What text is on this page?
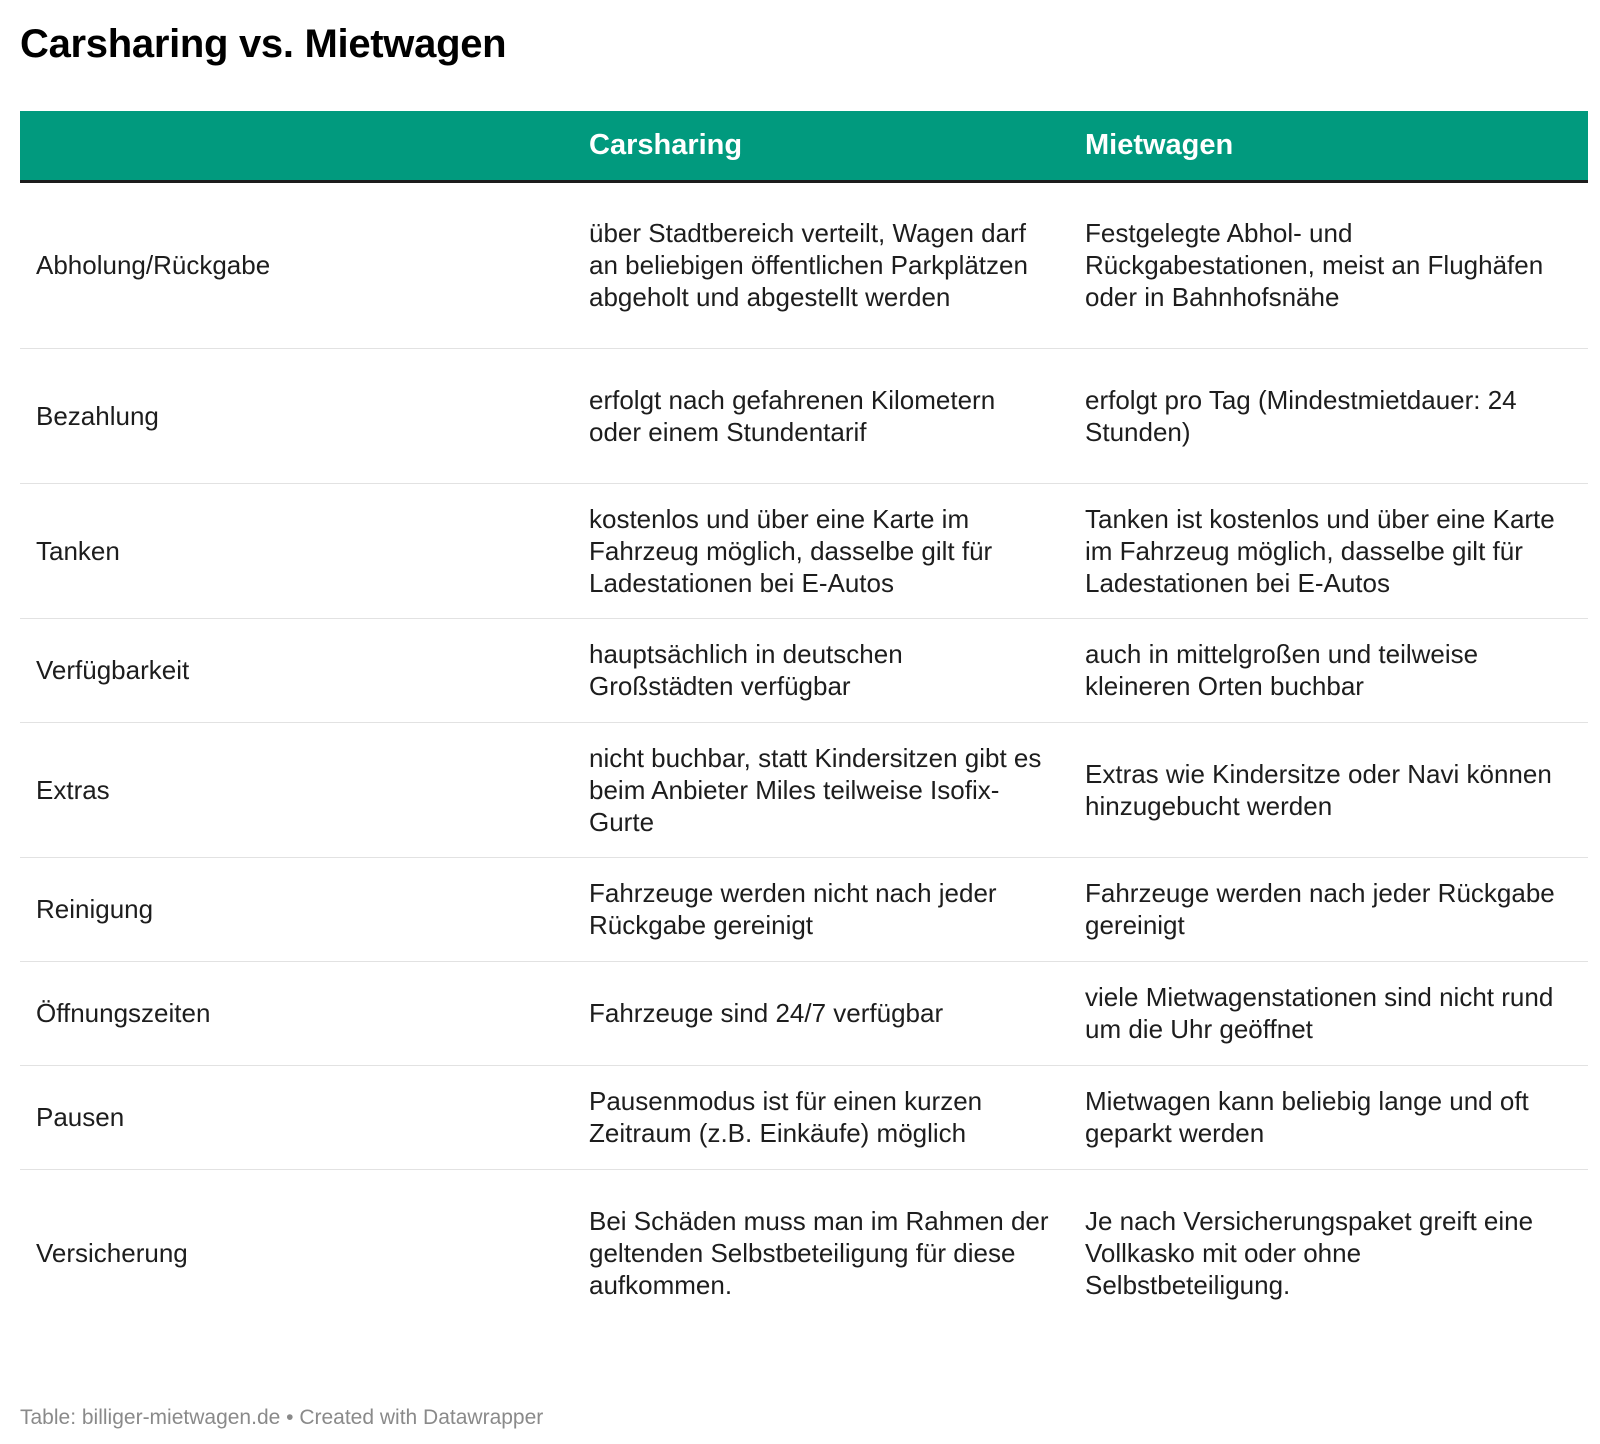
Carsharing vs. Mietwagen
	Carsharing	Mietwagen
Abholung/Rückgabe	über Stadtbereich verteilt, Wagen darf an beliebigen öffentlichen Parkplätzen abgeholt und abgestellt werden	Festgelegte Abhol- und Rückgabestationen, meist an Flughäfen oder in Bahnhofsnähe
Bezahlung	erfolgt nach gefahrenen Kilometern oder einem Stundentarif	erfolgt pro Tag (Mindestmietdauer: 24 Stunden)
Tanken	kostenlos und über eine Karte im Fahrzeug möglich, dasselbe gilt für Ladestationen bei E-Autos	Tanken ist kostenlos und über eine Karte im Fahrzeug möglich, dasselbe gilt für Ladestationen bei E-Autos
Verfügbarkeit	hauptsächlich in deutschen Großstädten verfügbar	auch in mittelgroßen und teilweise kleineren Orten buchbar
Extras	nicht buchbar, statt Kindersitzen gibt es beim Anbieter Miles teilweise Isofix-Gurte	Extras wie Kindersitze oder Navi können hinzugebucht werden
Reinigung	Fahrzeuge werden nicht nach jeder Rückgabe gereinigt	Fahrzeuge werden nach jeder Rückgabe gereinigt
Öffnungszeiten	Fahrzeuge sind 24/7 verfügbar	viele Mietwagenstationen sind nicht rund um die Uhr geöffnet
Pausen	Pausenmodus ist für einen kurzen Zeitraum (z.B. Einkäufe) möglich	Mietwagen kann beliebig lange und oft geparkt werden
Versicherung	Bei Schäden muss man im Rahmen der geltenden Selbstbeteiligung für diese aufkommen.	Je nach Versicherungspaket greift eine Vollkasko mit oder ohne Selbstbeteiligung.
Table: billiger-mietwagen.de • Created with Datawrapper
